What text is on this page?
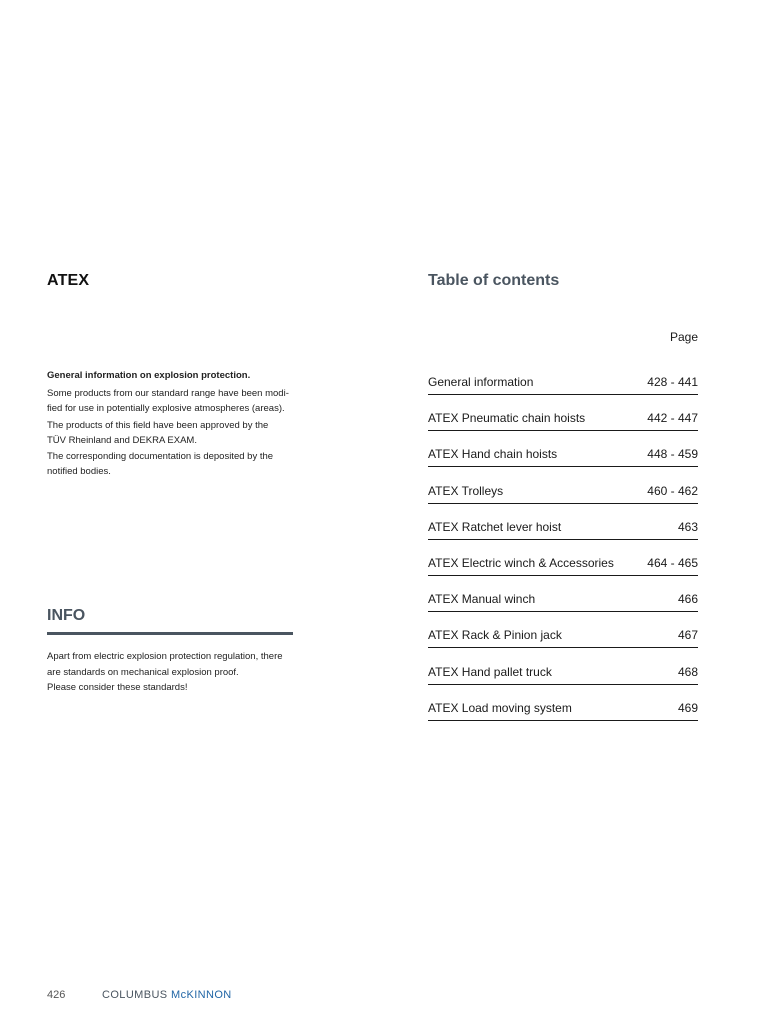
ATEX

General information on explosion protection.

Some products from our standard range have been modi-

fied for use in potentially explosive atmospheres (areas).

The products of this field have been approved by the

TÜV Rheinland and DEKRA EXAM.

The corresponding documentation is deposited by the

notified bodies.

INFO

Apart from electric explosion protection regulation, there

are standards on mechanical explosion proof.

Please consider these standards!

Table of contents
Page
General information	428 - 441
ATEX Pneumatic chain hoists	442 - 447
ATEX Hand chain hoists	448 - 459
ATEX Trolleys	460 - 462
ATEX Ratchet lever hoist	463
ATEX Electric winch & Accessories	464 - 465
ATEX Manual winch	466
ATEX Rack & Pinion jack	467
ATEX Hand pallet truck	468
ATEX Load moving system	469
426	COLUMBUS McKINNON
